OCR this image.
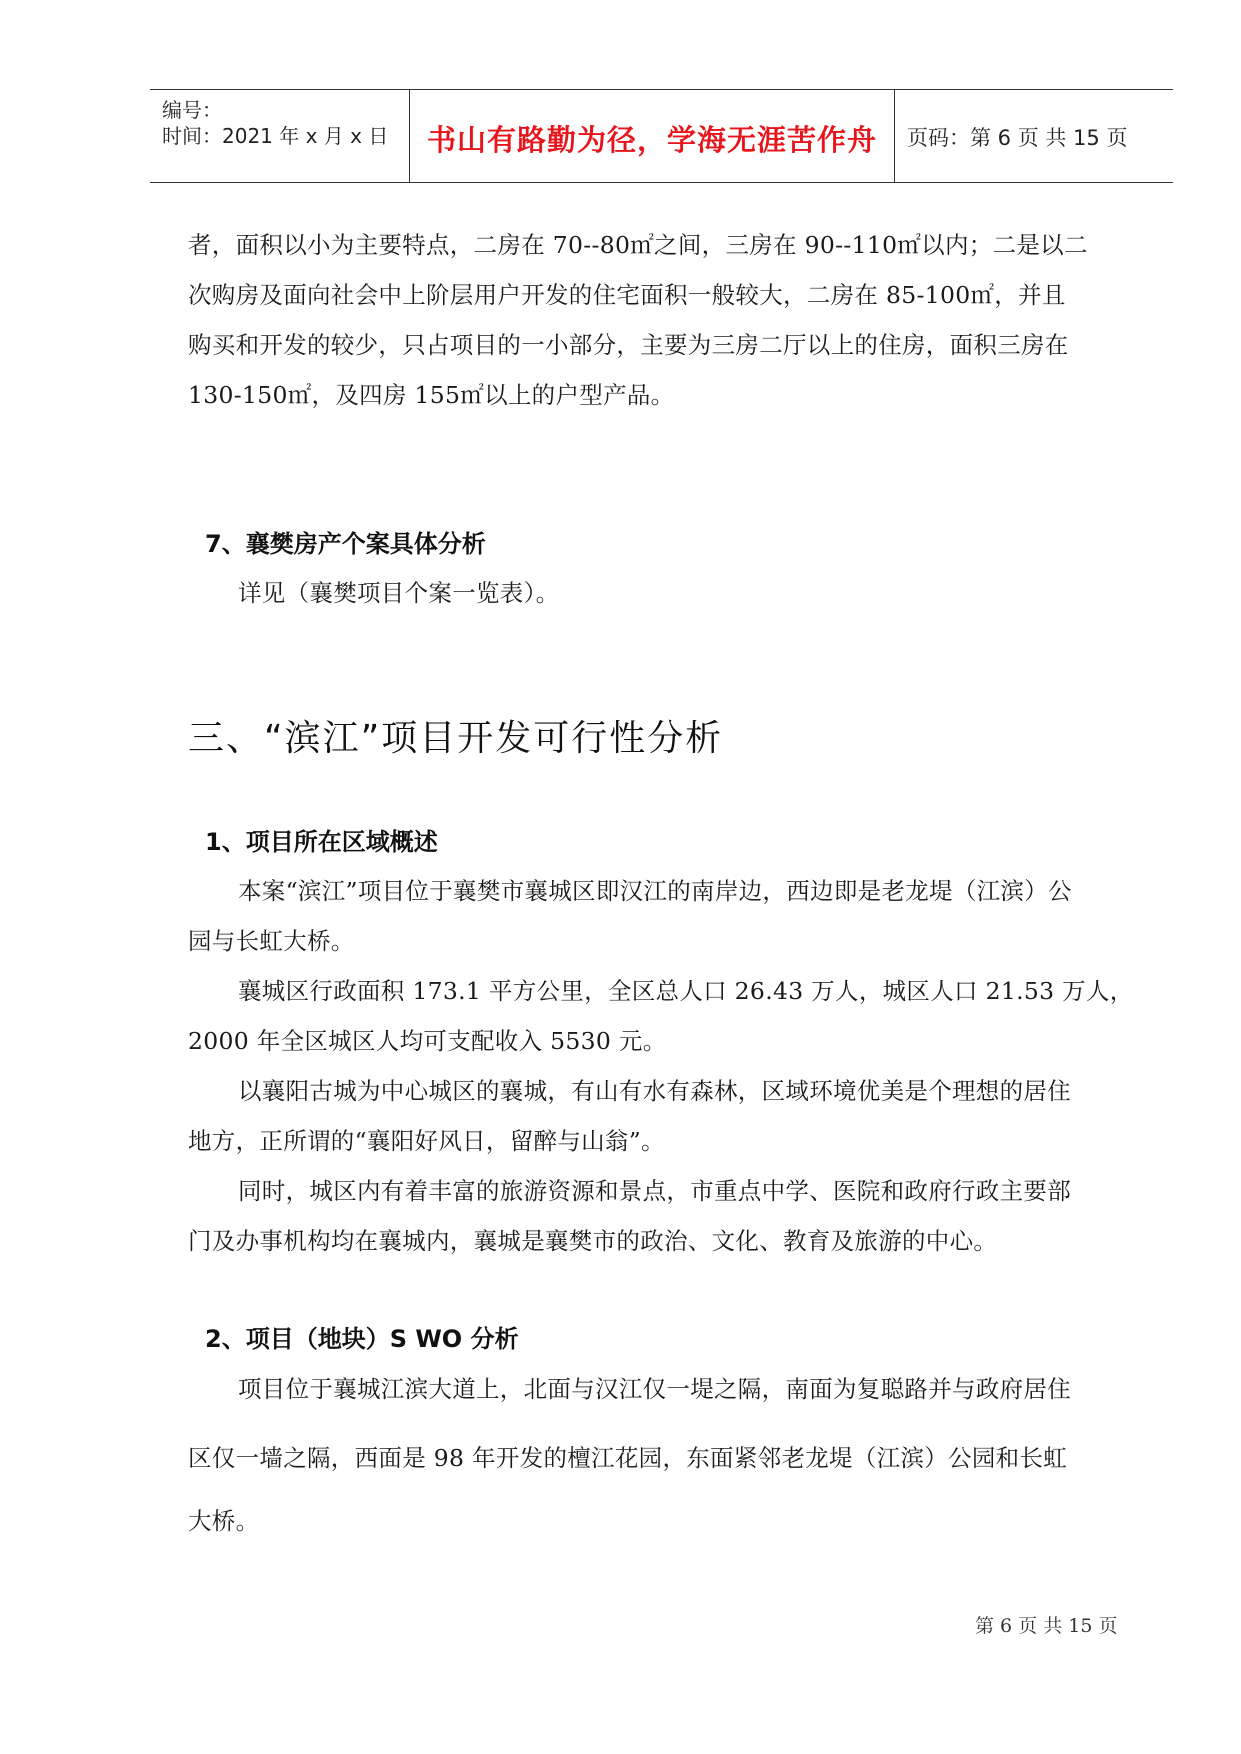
编号：
时间：2021 年 x 月 x 日	书山有路勤为径，学海无涯苦作舟	页码：第 6 页 共 15 页
者，面积以小为主要特点，二房在 70--80㎡之间，三房在 90--110㎡以内；二是以二
次购房及面向社会中上阶层用户开发的住宅面积一般较大，二房在 85-100㎡，并且
购买和开发的较少，只占项目的一小部分，主要为三房二厅以上的住房，面积三房在
130-150㎡，及四房 155㎡以上的户型产品。
7、襄樊房产个案具体分析
详见（襄樊项目个案一览表）。
三、“滨江”项目开发可行性分析
1、项目所在区域概述
本案“滨江”项目位于襄樊市襄城区即汉江的南岸边，西边即是老龙堤（江滨）公
园与长虹大桥。
襄城区行政面积 173.1 平方公里，全区总人口 26.43 万人，城区人口 21.53 万人，
2000 年全区城区人均可支配收入 5530 元。
以襄阳古城为中心城区的襄城，有山有水有森林，区域环境优美是个理想的居住
地方，正所谓的“襄阳好风日，留醉与山翁”。
同时，城区内有着丰富的旅游资源和景点，市重点中学、医院和政府行政主要部
门及办事机构均在襄城内，襄城是襄樊市的政治、文化、教育及旅游的中心。
2、项目（地块）S WO 分析
项目位于襄城江滨大道上，北面与汉江仅一堤之隔，南面为复聪路并与政府居住
区仅一墙之隔，西面是 98 年开发的檀江花园，东面紧邻老龙堤（江滨）公园和长虹
大桥。
第 6 页 共 15 页
